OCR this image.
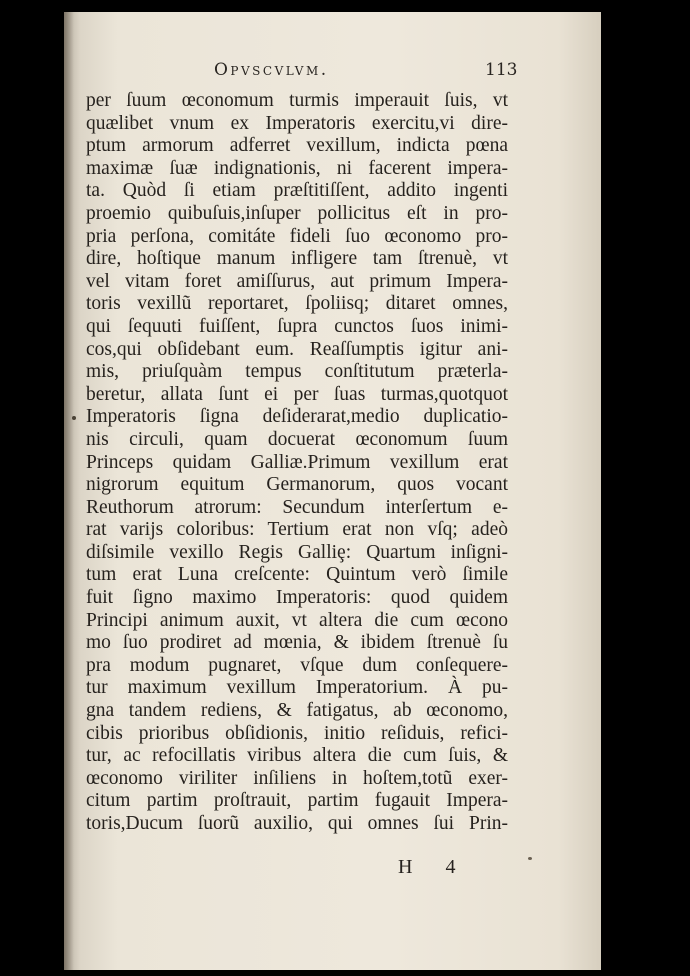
Opvscvlvm.	113
per ſuum œconomum turmis imperauit ſuis, vt
quælibet vnum ex Imperatoris exercitu,vi dire-
ptum armorum adferret vexillum, indicta pœna
maximæ ſuæ indignationis, ni facerent impera-
ta. Quòd ſi etiam præſtitiſſent, addito ingenti
proemio quibuſuis,inſuper pollicitus eſt in pro-
pria perſona, comitáte fideli ſuo œconomo pro-
dire, hoſtique manum infligere tam ſtrenuè, vt
vel vitam foret amiſſurus, aut primum Impera-
toris vexillũ reportaret, ſpoliisq; ditaret omnes,
qui ſequuti fuiſſent, ſupra cunctos ſuos inimi-
cos,qui obſidebant eum. Reaſſumptis igitur ani-
mis, priuſquàm tempus conſtitutum præterla-
beretur, allata ſunt ei per ſuas turmas,quotquot
Imperatoris ſigna deſiderarat,medio duplicatio-
nis circuli, quam docuerat œconomum ſuum
Princeps quidam Galliæ.Primum vexillum erat
nigrorum equitum Germanorum, quos vocant
Reuthorum atrorum: Secundum interſertum e-
rat varijs coloribus: Tertium erat non vſq; adeò
diſsimile vexillo Regis Galliȩ: Quartum inſigni-
tum erat Luna creſcente: Quintum verò ſimile
fuit ſigno maximo Imperatoris: quod quidem
Principi animum auxit, vt altera die cum œcono
mo ſuo prodiret ad mœnia, & ibidem ſtrenuè ſu
pra modum pugnaret, vſque dum conſequere-
tur maximum vexillum Imperatorium. À pu-
gna tandem rediens, & fatigatus, ab œconomo,
cibis prioribus obſidionis, initio reſiduis, refici-
tur, ac refocillatis viribus altera die cum ſuis, &
œconomo viriliter inſiliens in hoſtem,totũ exer-
citum partim proſtrauit, partim fugauit Impera-
toris,Ducum ſuorũ auxilio, qui omnes ſui Prin-
H 4
